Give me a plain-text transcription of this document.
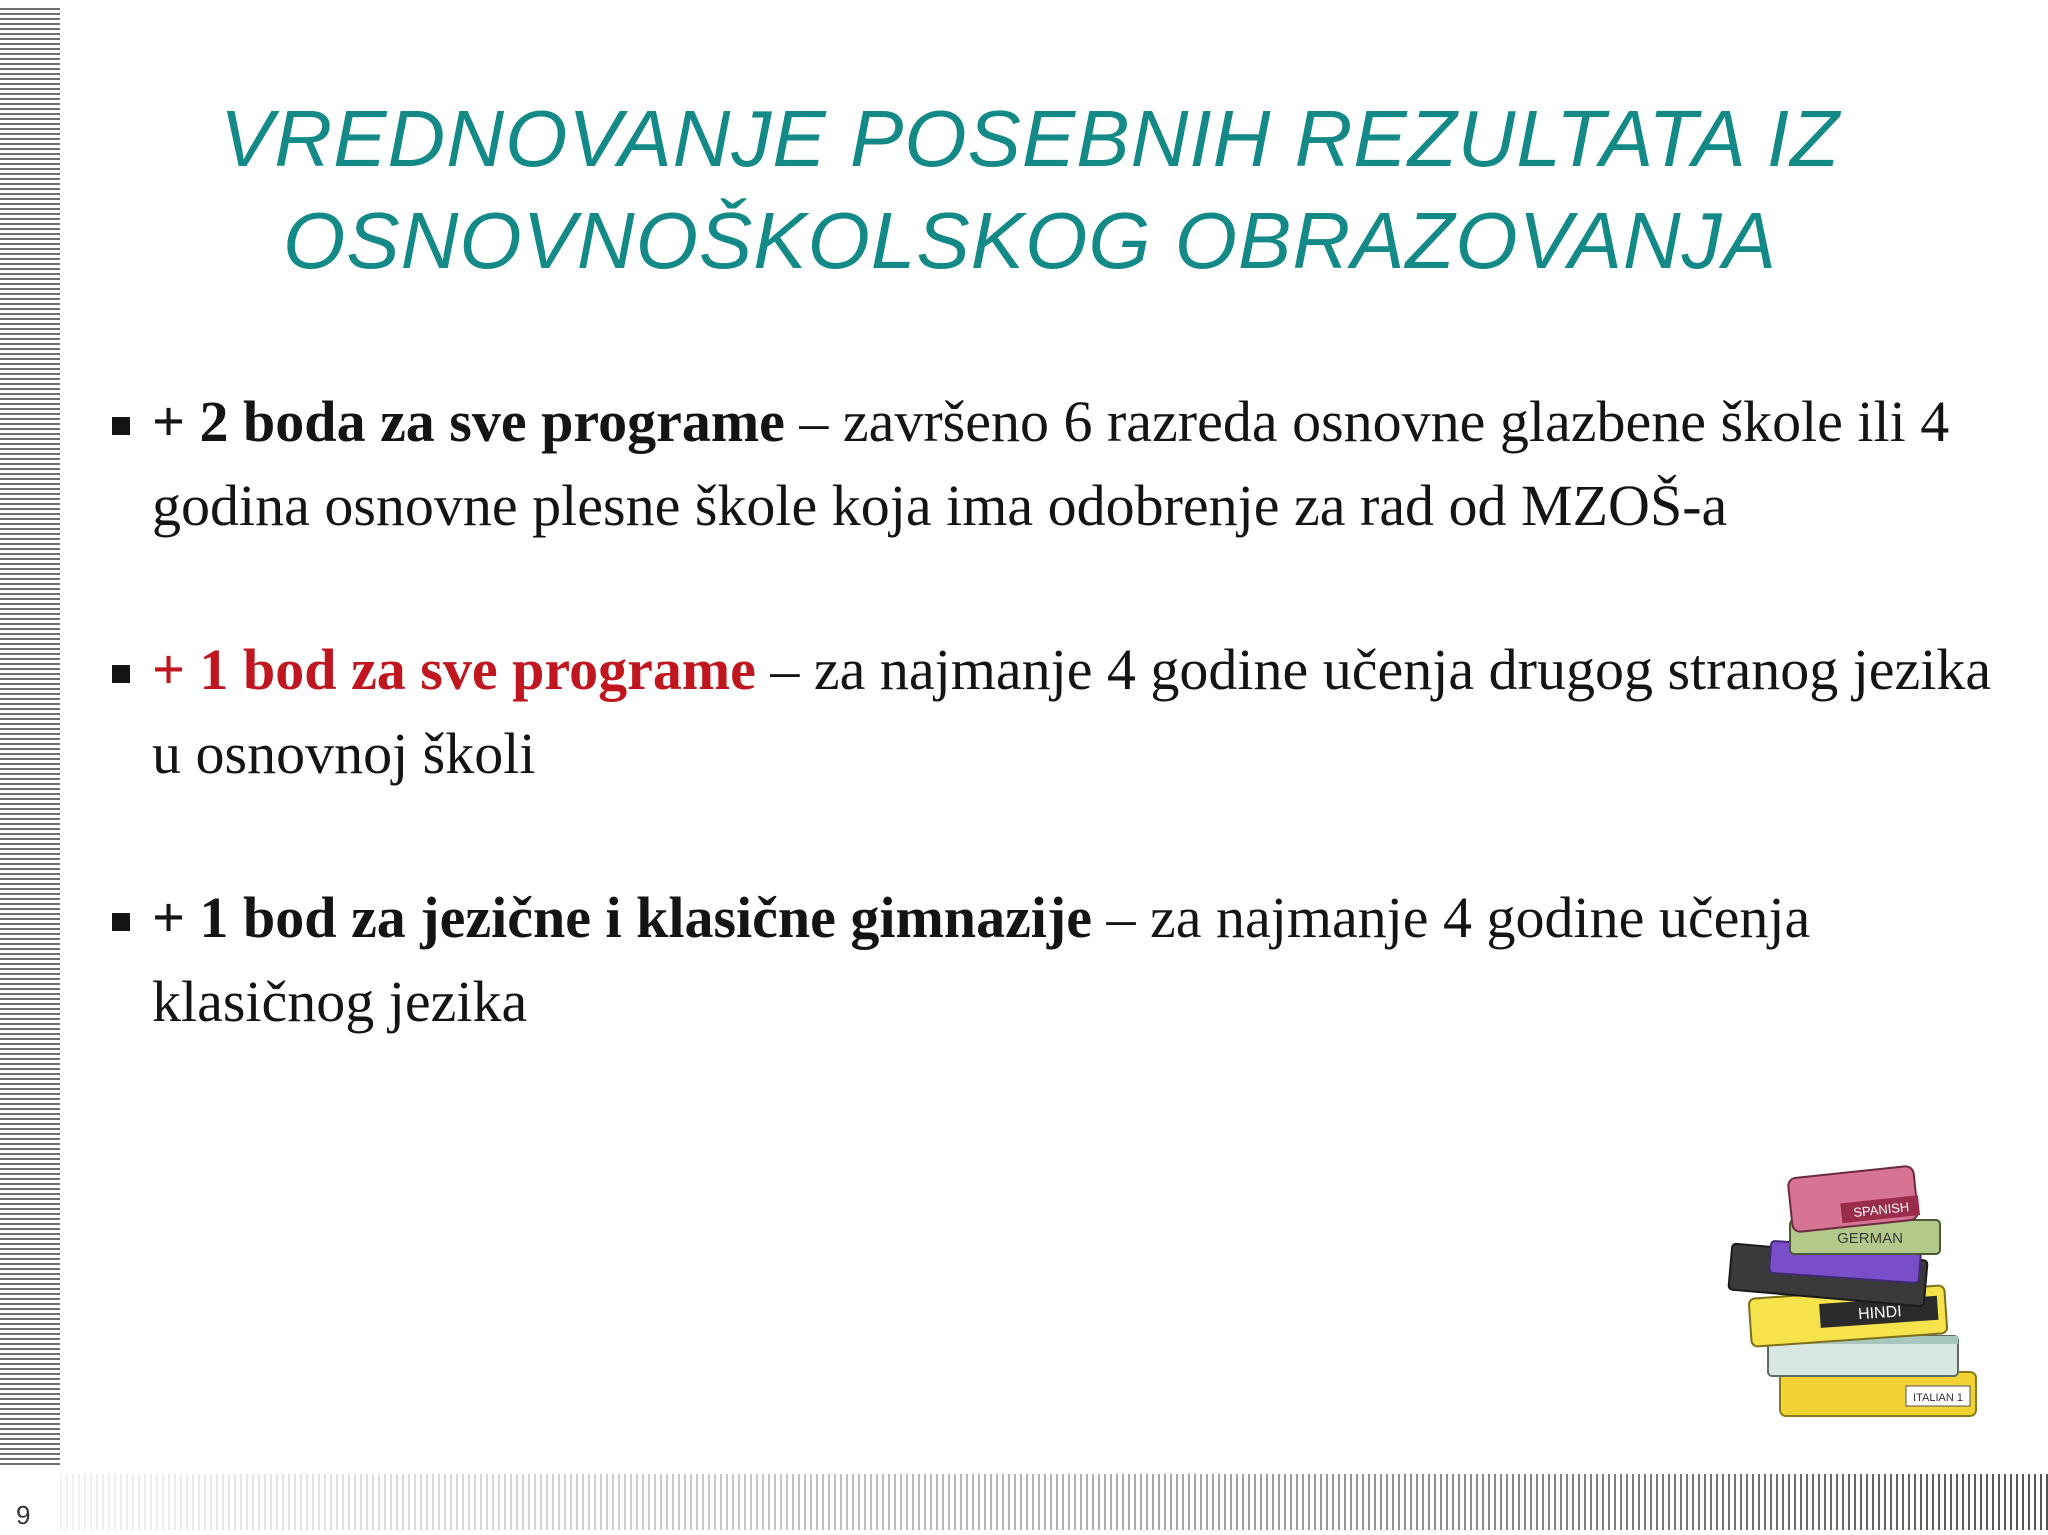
VREDNOVANJE POSEBNIH REZULTATA IZ
OSNOVNOŠKOLSKOG OBRAZOVANJA
+ 2 boda za sve programe – završeno 6 razreda osnovne glazbene škole ili 4 godina osnovne plesne škole koja ima odobrenje za rad od MZOŠ-a
+ 1 bod za sve programe – za najmanje 4 godine učenja drugog stranog jezika u osnovnoj školi
+ 1 bod za jezične i klasične gimnazije – za najmanje 4 godine učenja klasičnog jezika
ITALIAN 1
HINDI
GERMAN
SPANISH
9
